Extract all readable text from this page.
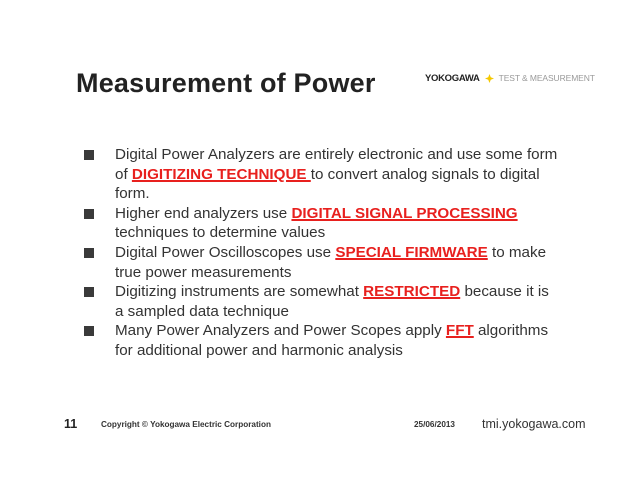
Measurement of Power	YOKOGAWA TEST & MEASUREMENT
Digital Power Analyzers are entirely electronic and use some form of DIGITIZING TECHNIQUE to convert analog signals to digital form.
Higher end analyzers use DIGITAL SIGNAL PROCESSING techniques to determine values
Digital Power Oscilloscopes use SPECIAL FIRMWARE to make true power measurements
Digitizing instruments are somewhat RESTRICTED because it is a sampled data technique
Many Power Analyzers and Power Scopes apply FFT algorithms for additional power and harmonic analysis
11	Copyright © Yokogawa Electric Corporation	25/06/2013 tmi.yokogawa.com
